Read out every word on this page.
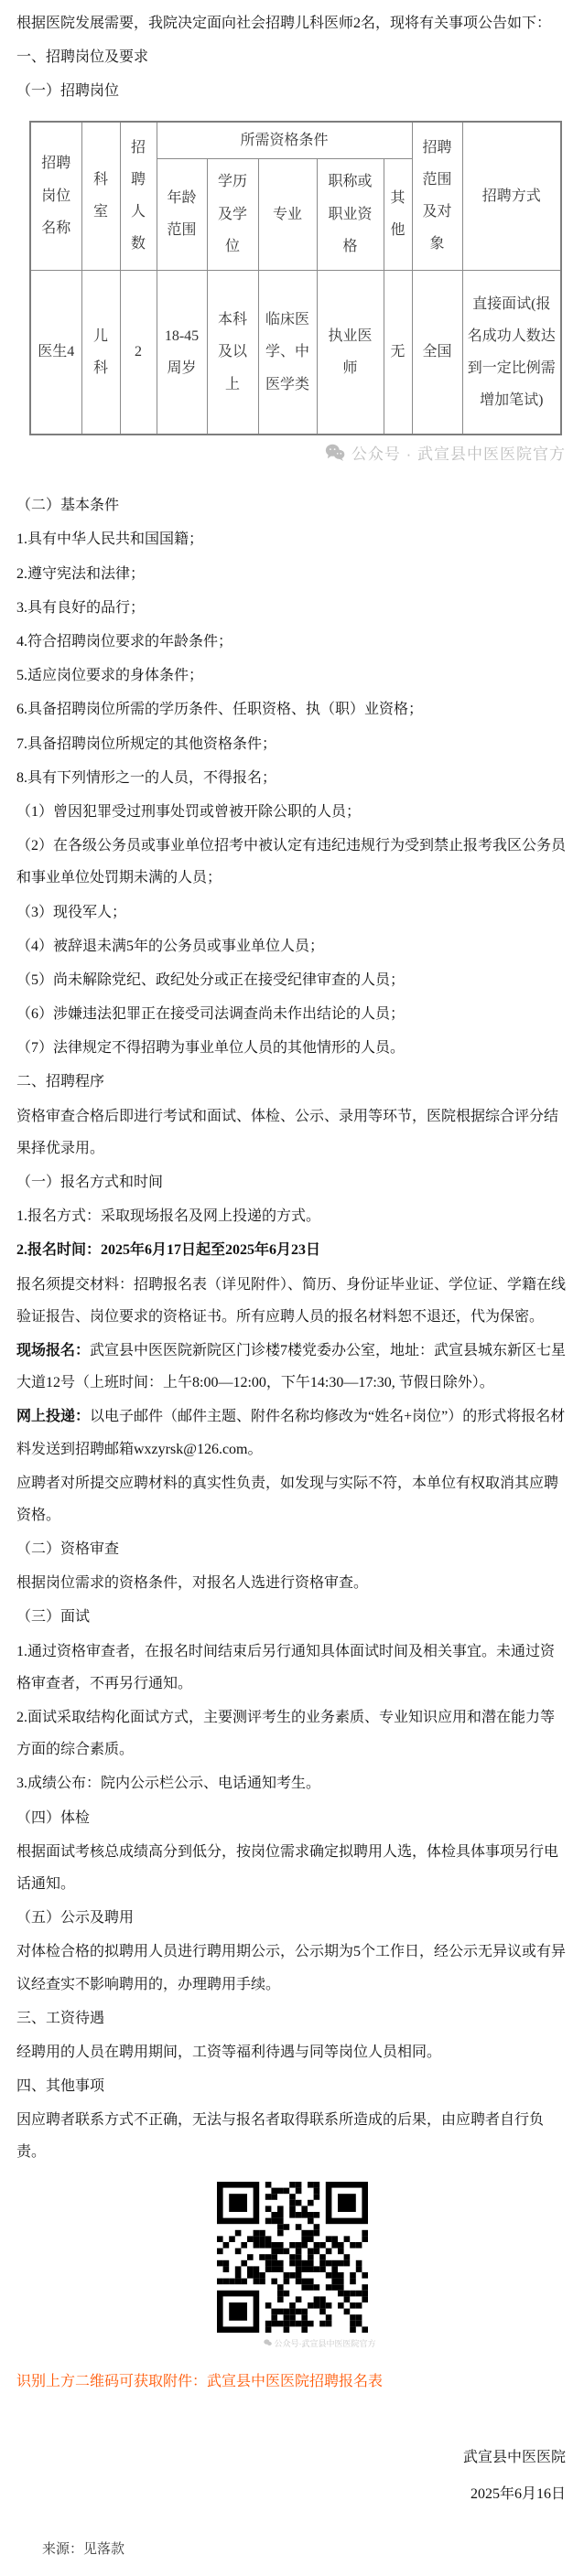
根据医院发展需要，我院决定面向社会招聘儿科医师2名，现将有关事项公告如下：

一、招聘岗位及要求

（一）招聘岗位

招聘岗位名称	科室	招聘人数	所需资格条件					招聘范围及对象	招聘方式
			年龄范围	学历及学位	专业	职称或职业资格	其他		
医生4	儿科	2	18-45周岁	本科及以上	临床医学、中医学类	执业医师	无	全国	直接面试(报名成功人数达到一定比例需增加笔试)
公众号 · 武宣县中医医院官方

（二）基本条件

1.具有中华人民共和国国籍；

2.遵守宪法和法律；

3.具有良好的品行；

4.符合招聘岗位要求的年龄条件；

5.适应岗位要求的身体条件；

6.具备招聘岗位所需的学历条件、任职资格、执（职）业资格；

7.具备招聘岗位所规定的其他资格条件；

8.具有下列情形之一的人员，不得报名；

（1）曾因犯罪受过刑事处罚或曾被开除公职的人员；

（2）在各级公务员或事业单位招考中被认定有违纪违规行为受到禁止报考我区公务员和事业单位处罚期未满的人员；

（3）现役军人；

（4）被辞退未满5年的公务员或事业单位人员；

（5）尚未解除党纪、政纪处分或正在接受纪律审查的人员；

（6）涉嫌违法犯罪正在接受司法调查尚未作出结论的人员；

（7）法律规定不得招聘为事业单位人员的其他情形的人员。

二、招聘程序

资格审查合格后即进行考试和面试、体检、公示、录用等环节，医院根据综合评分结果择优录用。

（一）报名方式和时间

1.报名方式：采取现场报名及网上投递的方式。

2.报名时间：2025年6月17日起至2025年6月23日

报名须提交材料：招聘报名表（详见附件）、简历、身份证毕业证、学位证、学籍在线验证报告、岗位要求的资格证书。所有应聘人员的报名材料恕不退还，代为保密。

现场报名：武宣县中医医院新院区门诊楼7楼党委办公室，地址：武宣县城东新区七星大道12号（上班时间：上午8:00—12:00，下午14:30—17:30, 节假日除外）。

网上投递：以电子邮件（邮件主题、附件名称均修改为“姓名+岗位”）的形式将报名材料发送到招聘邮箱wxzyrsk@126.com。

应聘者对所提交应聘材料的真实性负责，如发现与实际不符，本单位有权取消其应聘资格。

（二）资格审查

根据岗位需求的资格条件，对报名人选进行资格审查。

（三）面试

1.通过资格审查者，在报名时间结束后另行通知具体面试时间及相关事宜。未通过资格审查者，不再另行通知。

2.面试采取结构化面试方式，主要测评考生的业务素质、专业知识应用和潜在能力等方面的综合素质。

3.成绩公布：院内公示栏公示、电话通知考生。

（四）体检

根据面试考核总成绩高分到低分，按岗位需求确定拟聘用人选，体检具体事项另行电话通知。

（五）公示及聘用

对体检合格的拟聘用人员进行聘用期公示，公示期为5个工作日，经公示无异议或有异议经查实不影响聘用的，办理聘用手续。

三、工资待遇

经聘用的人员在聘用期间，工资等福利待遇与同等岗位人员相同。

四、其他事项

因应聘者联系方式不正确，无法与报名者取得联系所造成的后果，由应聘者自行负责。

公众号·武宣县中医医院官方

识别上方二维码可获取附件：武宣县中医医院招聘报名表

武宣县中医医院
2025年6月16日
来源：见落款
